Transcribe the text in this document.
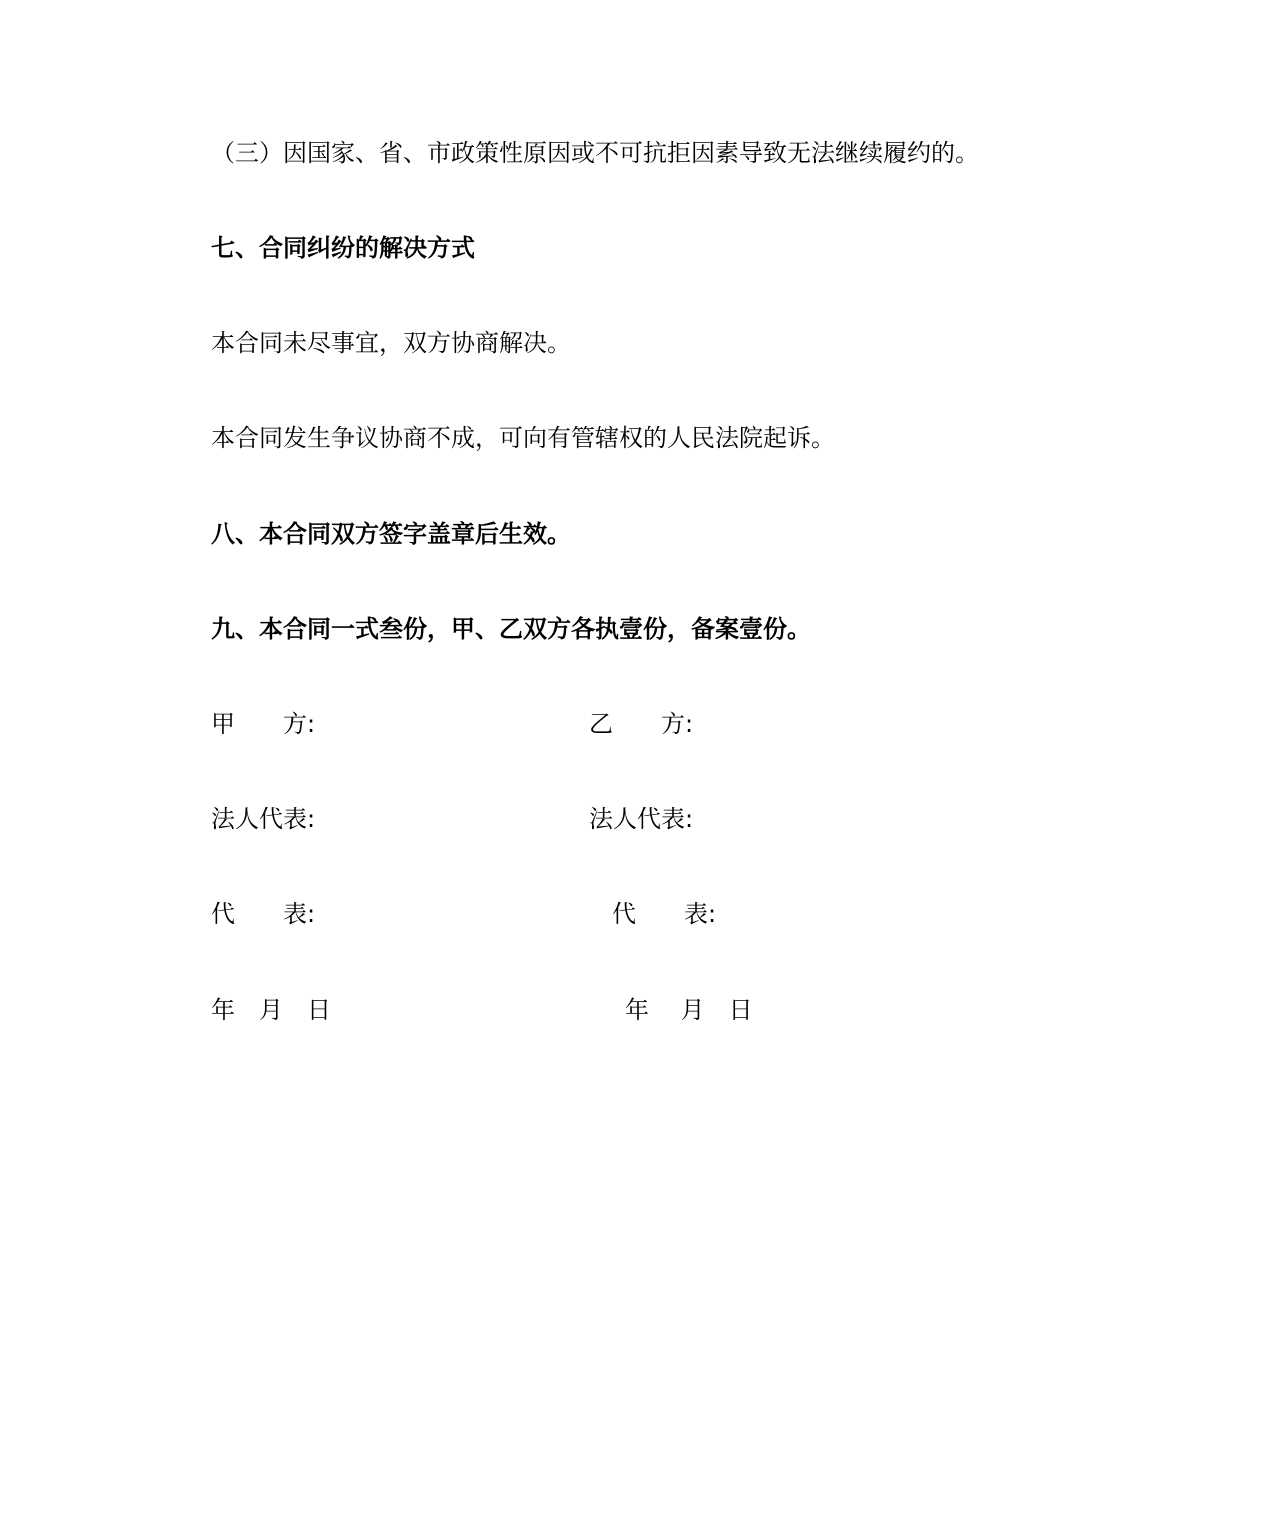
（三）因国家、省、市政策性原因或不可抗拒因素导致无法继续履约的。
七、合同纠纷的解决方式
本合同未尽事宜，双方协商解决。
本合同发生争议协商不成，可向有管辖权的人民法院起诉。
八、本合同双方签字盖章后生效。
九、本合同一式叁份，甲、乙双方各执壹份，备案壹份。
甲　　方:
法人代表:
代　　表:
年　月　日
乙　　方:
法人代表:
代　　表:
年　 月　日
